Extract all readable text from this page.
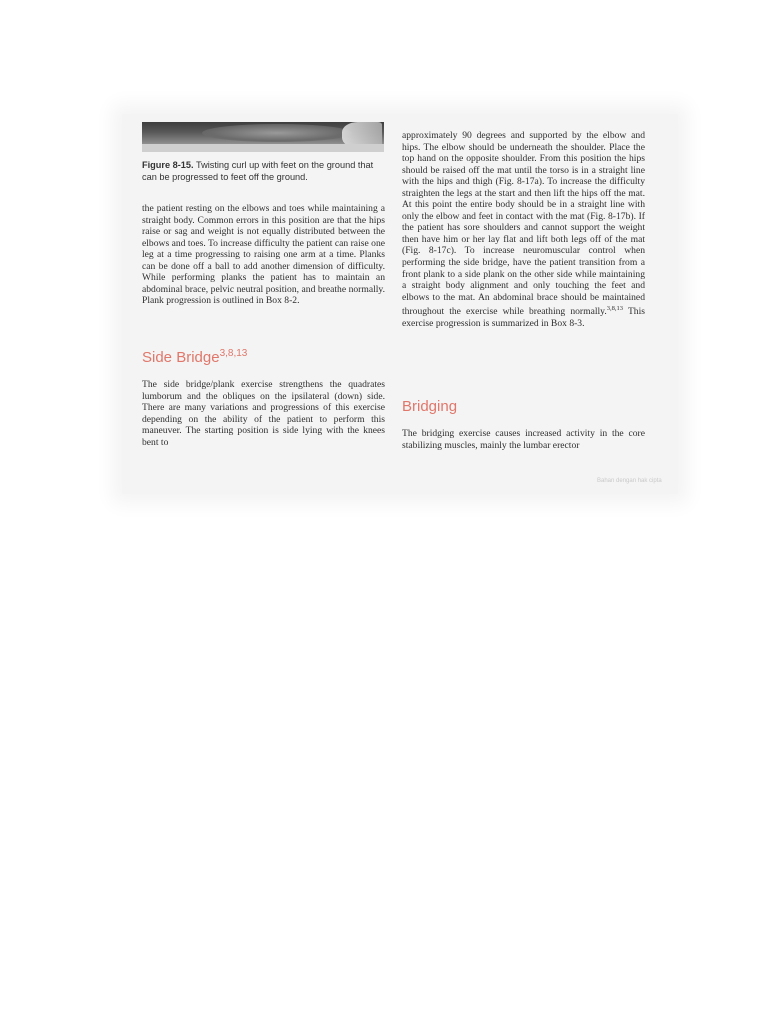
Figure 8-15. Twisting curl up with feet on the ground that can be progressed to feet off the ground.

the patient resting on the elbows and toes while maintaining a straight body. Common errors in this position are that the hips raise or sag and weight is not equally distributed between the elbows and toes. To increase difficulty the patient can raise one leg at a time progressing to raising one arm at a time. Planks can be done off a ball to add another dimension of difficulty. While performing planks the patient has to maintain an abdominal brace, pelvic neutral position, and breathe normally. Plank progression is outlined in Box 8-2.

Side Bridge$^{3,8,13}$

The side bridge/plank exercise strengthens the quadrates lumborum and the obliques on the ipsilateral (down) side. There are many variations and progressions of this exercise depending on the ability of the patient to perform this maneuver. The starting position is side lying with the knees bent to

approximately 90 degrees and supported by the elbow and hips. The elbow should be underneath the shoulder. Place the top hand on the opposite shoulder. From this position the hips should be raised off the mat until the torso is in a straight line with the hips and thigh (Fig. 8-17a). To increase the difficulty straighten the legs at the start and then lift the hips off the mat. At this point the entire body should be in a straight line with only the elbow and feet in contact with the mat (Fig. 8-17b). If the patient has sore shoulders and cannot support the weight then have him or her lay flat and lift both legs off of the mat (Fig. 8-17c). To increase neuromuscular control when performing the side bridge, have the patient transition from a front plank to a side plank on the other side while maintaining a straight body alignment and only touching the feet and elbows to the mat. An abdominal brace should be maintained throughout the exercise while breathing normally.$^{3,8,13}$ This exercise progression is summarized in Box 8-3.

Bridging

The bridging exercise causes increased activity in the core stabilizing muscles, mainly the lumbar erector

Bahan dengan hak cipta
